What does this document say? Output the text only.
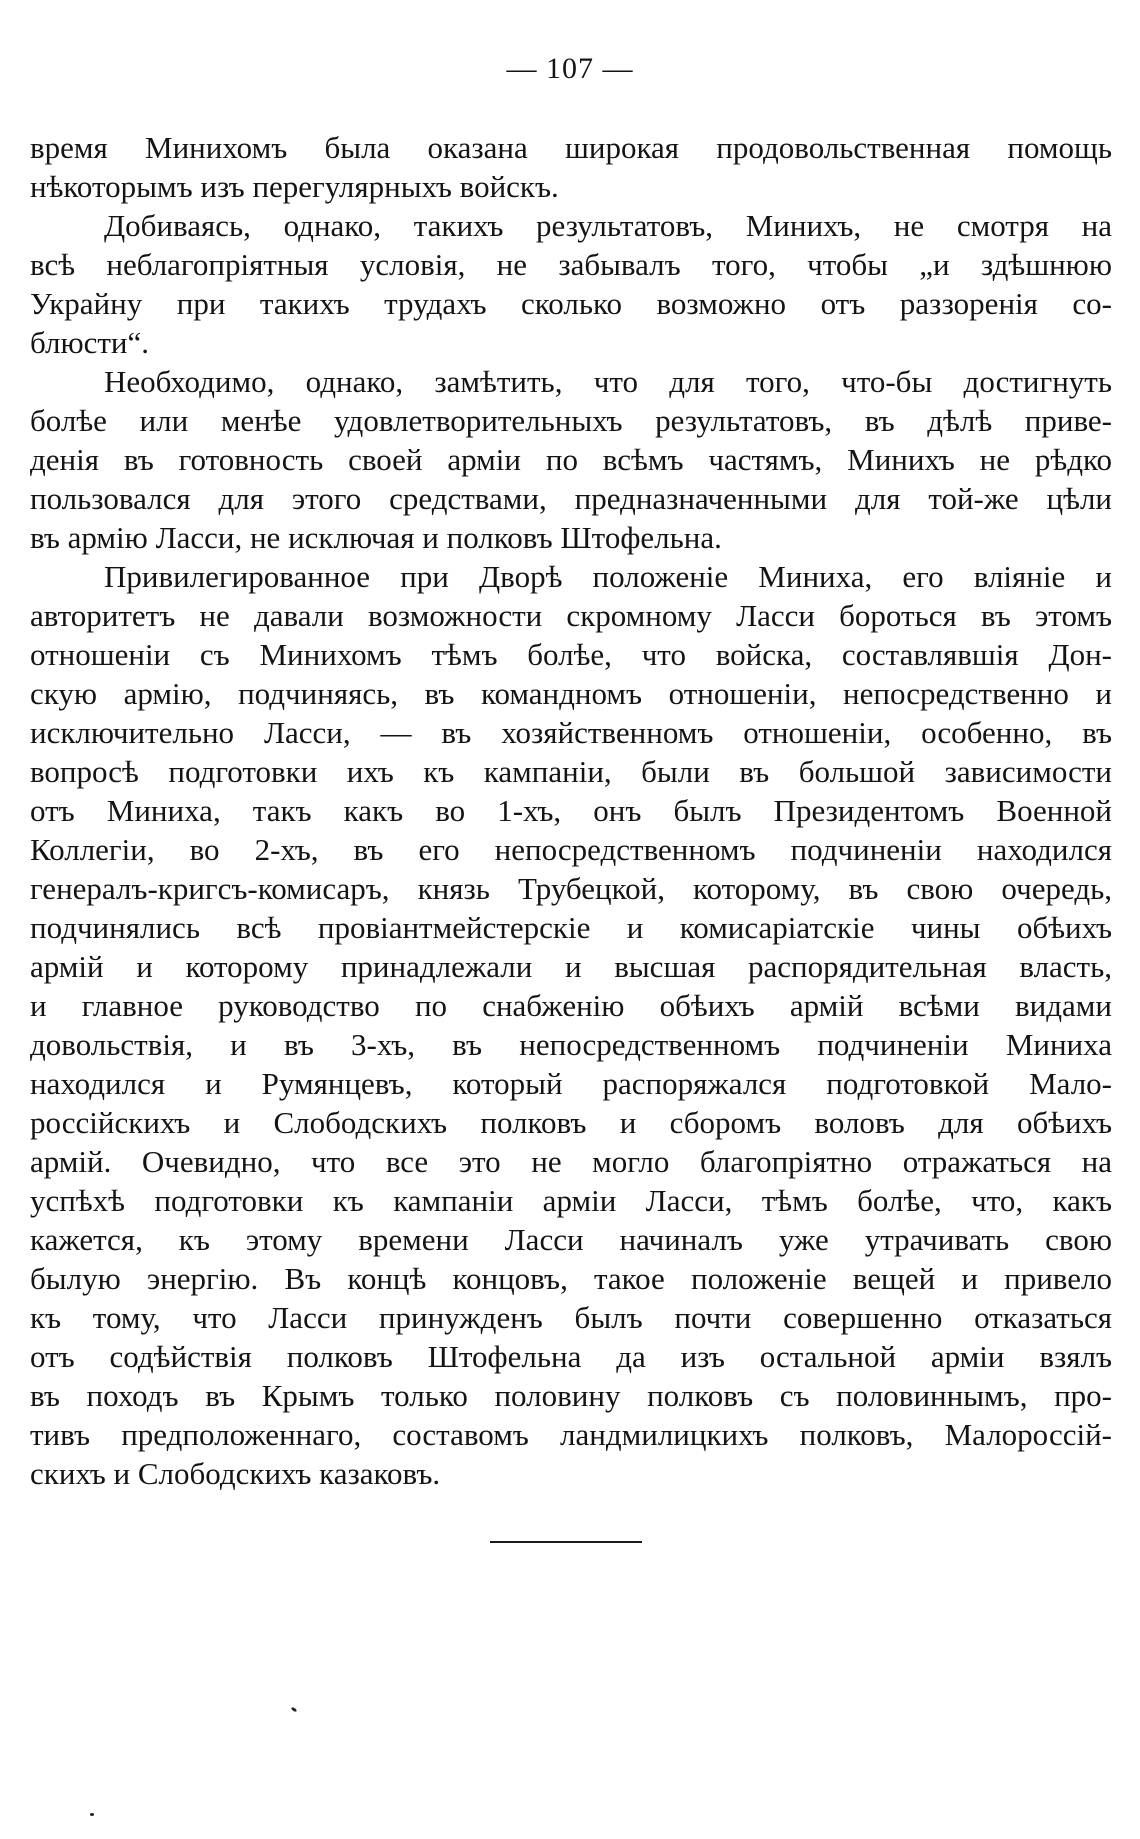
— 107 —
время Минихомъ была оказана широкая продовольственная помощь
нѣкоторымъ изъ перегулярныхъ войскъ.
Добиваясь, однако, такихъ результатовъ, Минихъ, не смотря на
всѣ неблагопріятныя условія, не забывалъ того, чтобы „и здѣшнюю
Украйну при такихъ трудахъ сколько возможно отъ раззоренія со-
блюсти“.
Необходимо, однако, замѣтить, что для того, что-бы достигнуть
болѣе или менѣе удовлетворительныхъ результатовъ, въ дѣлѣ приве-
денія въ готовность своей арміи по всѣмъ частямъ, Минихъ не рѣдко
пользовался для этого средствами, предназначенными для той-же цѣли
въ армію Ласси, не исключая и полковъ Штофельна.
Привилегированное при Дворѣ положеніе Миниха, его вліяніе и
авторитетъ не давали возможности скромному Ласси бороться въ этомъ
отношеніи съ Минихомъ тѣмъ болѣе, что войска, составлявшія Дон-
скую армію, подчиняясь, въ командномъ отношеніи, непосредственно и
исключительно Ласси, — въ хозяйственномъ отношеніи, особенно, въ
вопросѣ подготовки ихъ къ кампаніи, были въ большой зависимости
отъ Миниха, такъ какъ во 1-хъ, онъ былъ Президентомъ Военной
Коллегіи, во 2-хъ, въ его непосредственномъ подчиненіи находился
генералъ-кригсъ-комисаръ, князь Трубецкой, которому, въ свою очередь,
подчинялись всѣ провіантмейстерскіе и комисаріатскіе чины обѣихъ
армій и которому принадлежали и высшая распорядительная власть,
и главное руководство по снабженію обѣихъ армій всѣми видами
довольствія, и въ 3-хъ, въ непосредственномъ подчиненіи Миниха
находился и Румянцевъ, который распоряжался подготовкой Мало-
россійскихъ и Слободскихъ полковъ и сборомъ воловъ для обѣихъ
армій. Очевидно, что все это не могло благопріятно отражаться на
успѣхѣ подготовки къ кампаніи арміи Ласси, тѣмъ болѣе, что, какъ
кажется, къ этому времени Ласси начиналъ уже утрачивать свою
былую энергію. Въ концѣ концовъ, такое положеніе вещей и привело
къ тому, что Ласси принужденъ былъ почти совершенно отказаться
отъ содѣйствія полковъ Штофельна да изъ остальной арміи взялъ
въ походъ въ Крымъ только половину полковъ съ половиннымъ, про-
тивъ предположеннаго, составомъ ландмилицкихъ полковъ, Малороссій-
скихъ и Слободскихъ казаковъ.
